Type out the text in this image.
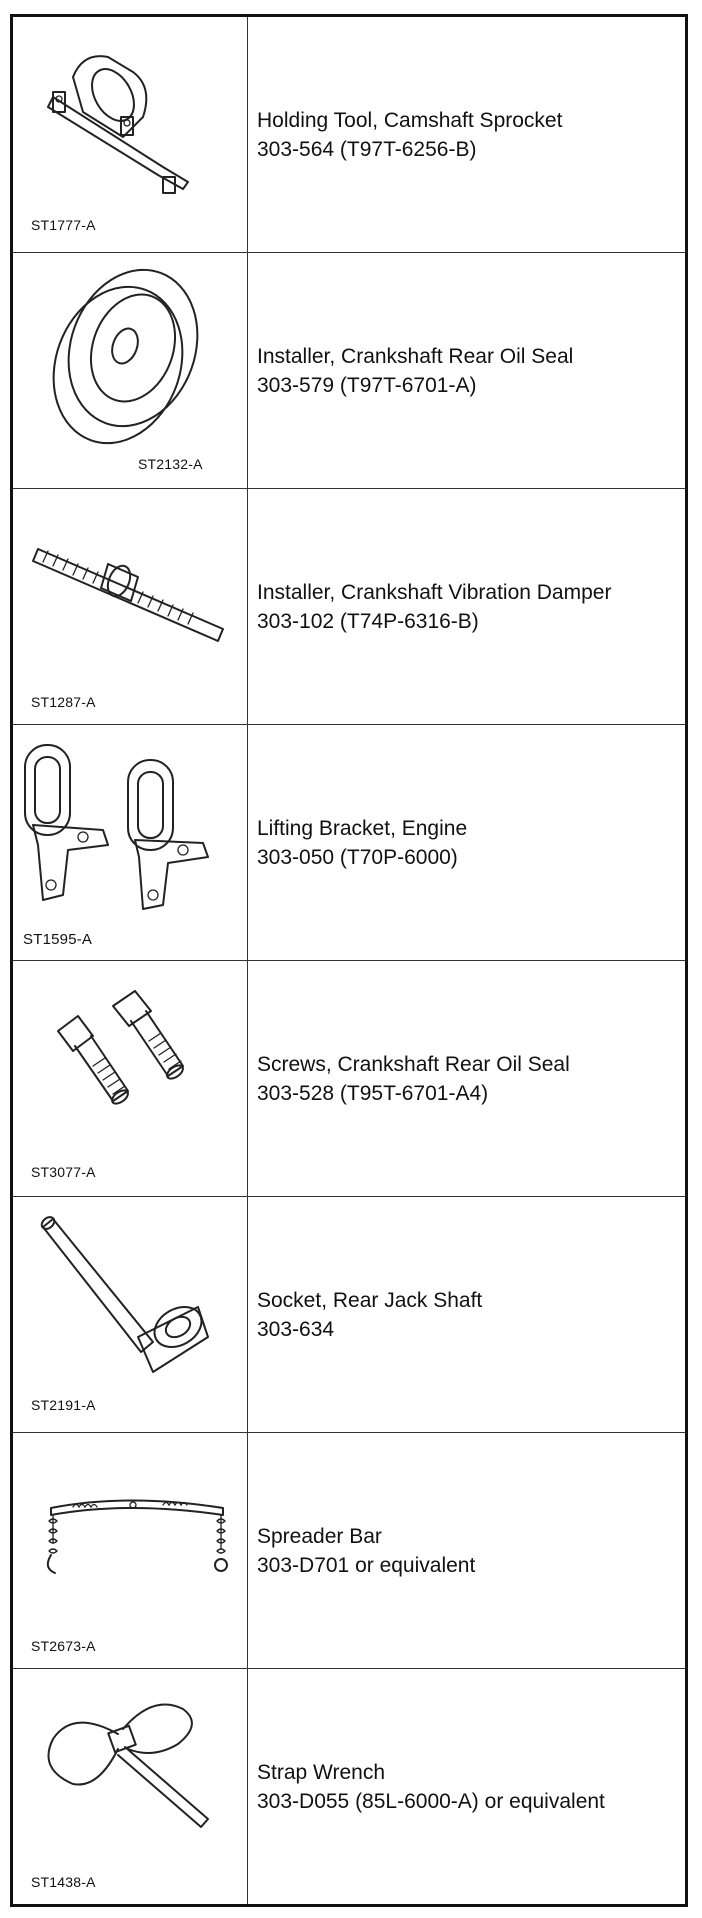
ST1777-A
Holding Tool, Camshaft Sprocket
303-564 (T97T-6256-B)
ST2132-A
Installer, Crankshaft Rear Oil Seal
303-579 (T97T-6701-A)
ST1287-A
Installer, Crankshaft Vibration Damper
303-102 (T74P-6316-B)
ST1595-A
Lifting Bracket, Engine
303-050 (T70P-6000)
ST3077-A
Screws, Crankshaft Rear Oil Seal
303-528 (T95T-6701-A4)
ST2191-A
Socket, Rear Jack Shaft
303-634
ST2673-A
Spreader Bar
303-D701 or equivalent
ST1438-A
Strap Wrench
303-D055 (85L-6000-A) or equivalent
